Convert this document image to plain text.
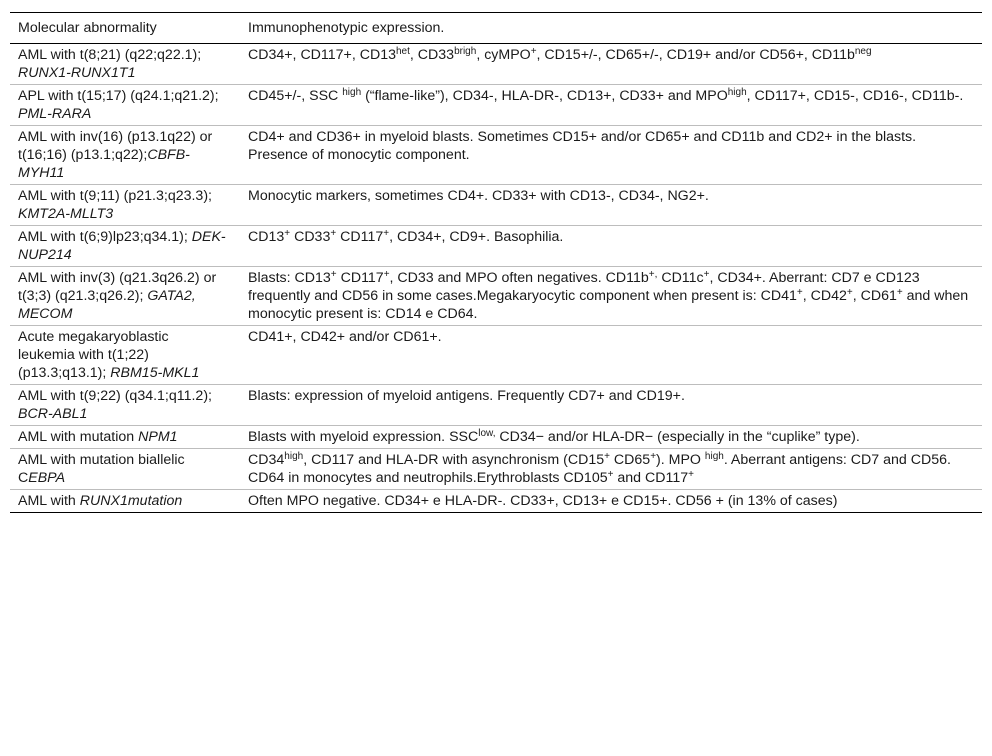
Molecular abnormality	Immunophenotypic expression.
AML with t(8;21) (q22;q22.1); RUNX1-RUNX1T1	CD34+, CD117+, $CD13^{het}$, $CD33^{brigh}$, cyMPO+, CD15+/-, CD65+/-, CD19+ and/or CD56+, $CD11b^{neg}$
APL with t(15;17) (q24.1;q21.2); PML-RARA	CD45+/-, SSC $^{high}$ (“flame-like”), CD34-, HLA-DR-, CD13+, CD33+ and $MPO^{high}$, CD117+, CD15-, CD16-, CD11b-.
AML with inv(16) (p13.1q22) or t(16;16) (p13.1;q22);CBFB-MYH11	CD4+ and CD36+ in myeloid blasts. Sometimes CD15+ and/or CD65+ and CD11b and CD2+ in the blasts. Presence of monocytic component.
AML with t(9;11) (p21.3;q23.3); KMT2A-MLLT3	Monocytic markers, sometimes CD4+. CD33+ with CD13-, CD34-, NG2+.
AML with t(6;9)lp23;q34.1); DEK-NUP214	CD13+ CD33+ CD117+, CD34+, CD9+. Basophilia.
AML with inv(3) (q21.3q26.2) or t(3;3) (q21.3;q26.2); GATA2, MECOM	Blasts: CD13+ CD117+, CD33 and MPO often negatives. CD11b+, CD11c+, CD34+. Aberrant: CD7 e CD123 frequently and CD56 in some cases.Megakaryocytic component when present is: CD41+, CD42+, CD61+ and when monocytic present is: CD14 e CD64.
Acute megakaryoblastic leukemia with t(1;22) (p13.3;q13.1); RBM15-MKL1	CD41+, CD42+ and/or CD61+.
AML with t(9;22) (q34.1;q11.2); BCR-ABL1	Blasts: expression of myeloid antigens. Frequently CD7+ and CD19+.
AML with mutation NPM1	Blasts with myeloid expression. $SSC^{low,}$ CD34− and/or HLA-DR− (especially in the “cuplike” type).
AML with mutation biallelic CEBPA	$CD34^{high}$, CD117 and HLA-DR with asynchronism (CD15+ CD65+). MPO $^{high}$. Aberrant antigens: CD7 and CD56. CD64 in monocytes and neutrophils.Erythroblasts CD105+ and CD117+
AML with RUNX1mutation	Often MPO negative. CD34+ e HLA-DR-. CD33+, CD13+ e CD15+. CD56 + (in 13% of cases)
